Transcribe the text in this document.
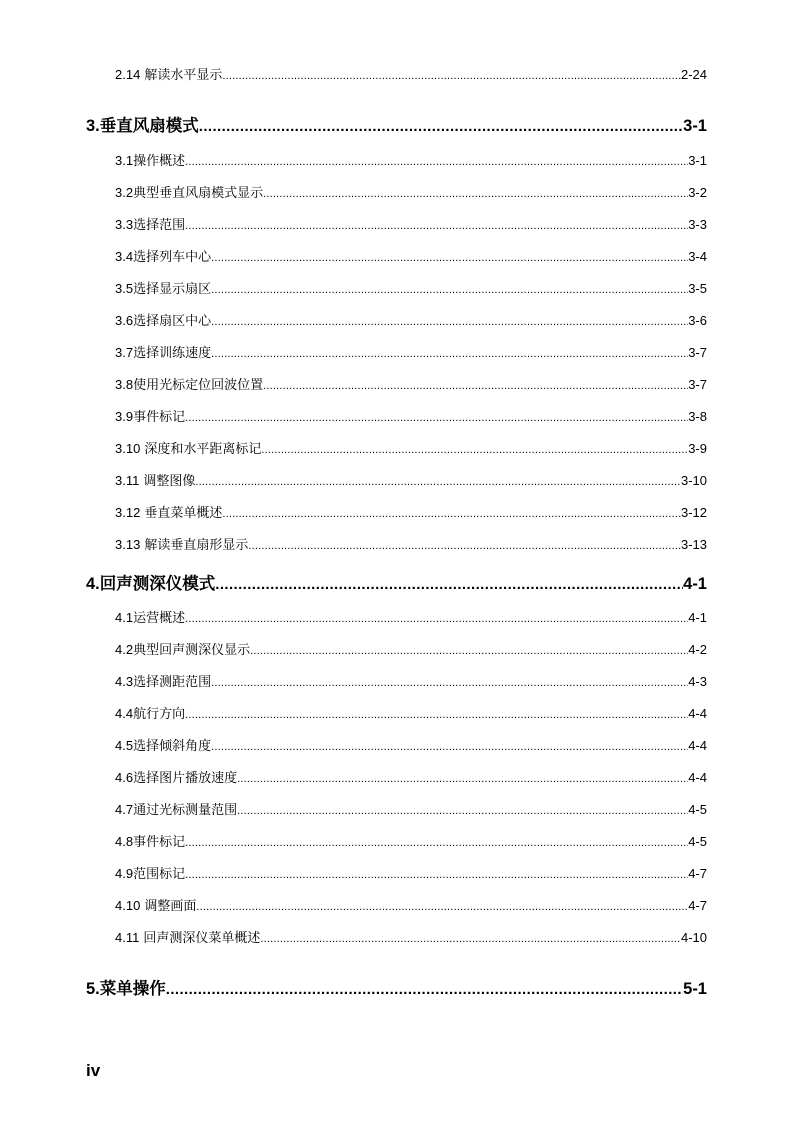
2.14 解读水平显示 .....	2-24
3. 垂直风扇模式 .....	3-1
3.1 操作概述 .....	3-1
3.2 典型垂直风扇模式显示 .....	3-2
3.3 选择范围 .....	3-3
3.4 选择列车中心 .....	3-4
3.5 选择显示扇区 .....	3-5
3.6 选择扇区中心 .....	3-6
3.7 选择训练速度 .....	3-7
3.8 使用光标定位回波位置 .....	3-7
3.9 事件标记 .....	3-8
3.10 深度和水平距离标记 .....	3-9
3.11 调整图像 .....	3-10
3.12 垂直菜单概述 .....	3-12
3.13 解读垂直扇形显示 .....	3-13
4. 回声测深仪模式 .....	4-1
4.1 运营概述 .....	4-1
4.2 典型回声测深仪显示 .....	4-2
4.3 选择测距范围 .....	4-3
4.4 航行方向 .....	4-4
4.5 选择倾斜角度 .....	4-4
4.6 选择图片播放速度 .....	4-4
4.7 通过光标测量范围 .....	4-5
4.8 事件标记 .....	4-5
4.9 范围标记 .....	4-7
4.10 调整画面 .....	4-7
4.11 回声测深仪菜单概述 .....	4-10
5. 菜单操作 .....	5-1
iv
